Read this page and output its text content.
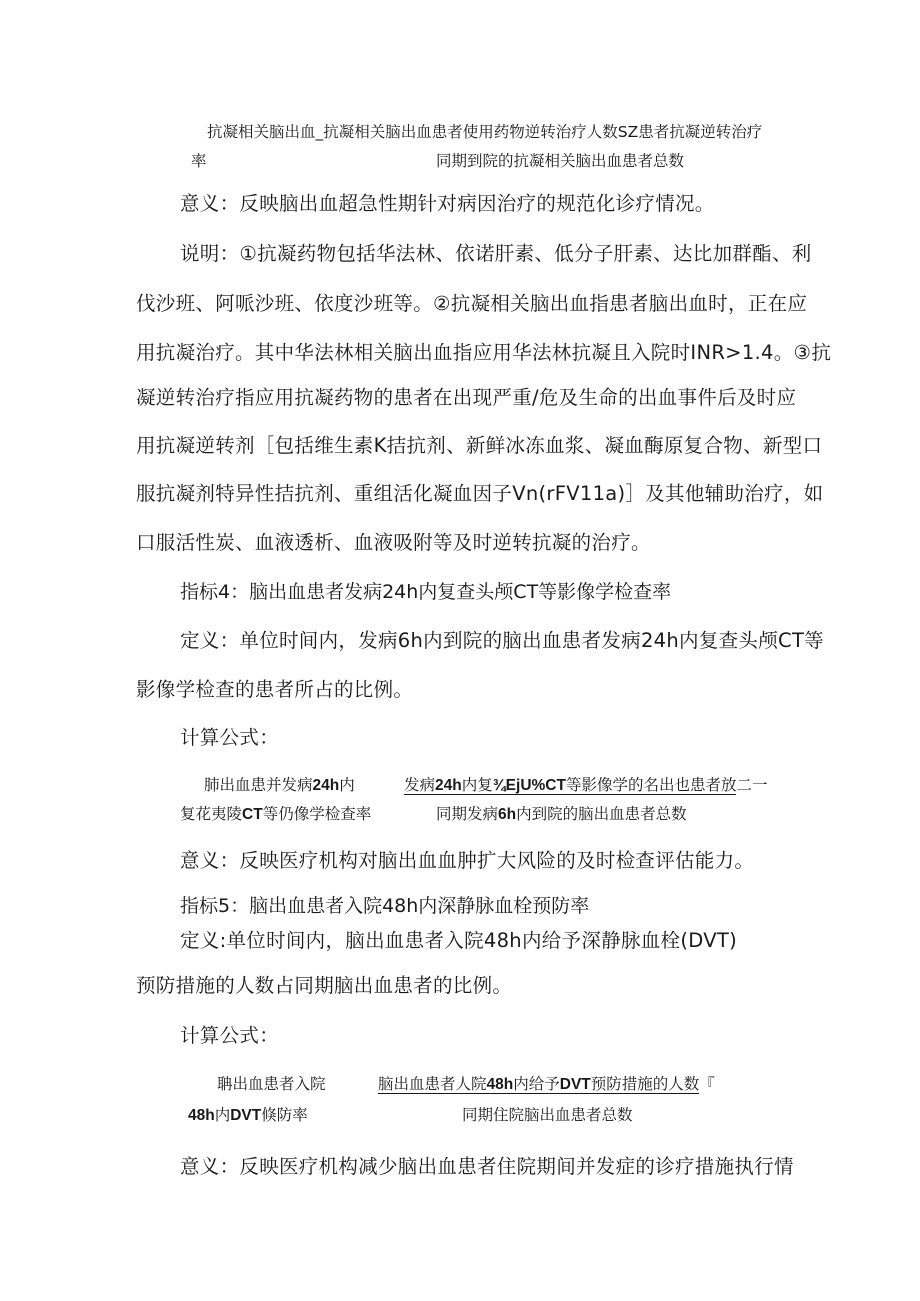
抗凝相关脑出血_抗凝相关脑出血患者使用药物逆转治疗人数SZ患者抗凝逆转治疗
率	同期到院的抗凝相关脑出血患者总数
意义：反映脑出血超急性期针对病因治疗的规范化诊疗情况。
说明：①抗凝药物包括华法林、依诺肝素、低分子肝素、达比加群酯、利
伐沙班、阿哌沙班、依度沙班等。②抗凝相关脑出血指患者脑出血时，正在应
用抗凝治疗。其中华法林相关脑出血指应用华法林抗凝且入院时INR>1.4。③抗
凝逆转治疗指应用抗凝药物的患者在出现严重/危及生命的出血事件后及时应
用抗凝逆转剂［包括维生素K拮抗剂、新鲜冰冻血浆、凝血酶原复合物、新型口
服抗凝剂特异性拮抗剂、重组活化凝血因子Vn(rFV11a)］及其他辅助治疗，如
口服活性炭、血液透析、血液吸附等及时逆转抗凝的治疗。
指标4：脑出血患者发病24h内复查头颅CT等影像学检查率
定义：单位时间内，发病6h内到院的脑出血患者发病24h内复查头颅CT等
影像学检查的患者所占的比例。
计算公式：
肺出血患并发病24h内	发病24h内复¾EjU%CT等影像学的名出也患者放二一
复花夷陵CT等仍像学检查率	同期发病6h内到院的脑出血患者总数
意义：反映医疗机构对脑出血血肿扩大风险的及时检查评估能力。
指标5：脑出血患者入院48h内深静脉血栓预防率
定义:单位时间内，脑出血患者入院48h内给予深静脉血栓(DVT)
预防措施的人数占同期脑出血患者的比例。
计算公式：
聃出血患者入院	脑出血患者人院48h内给予DVT预防措施的人数『
48h内DVT倏防率	同期住院脑出血患者总数
意义：反映医疗机构减少脑出血患者住院期间并发症的诊疗措施执行情
